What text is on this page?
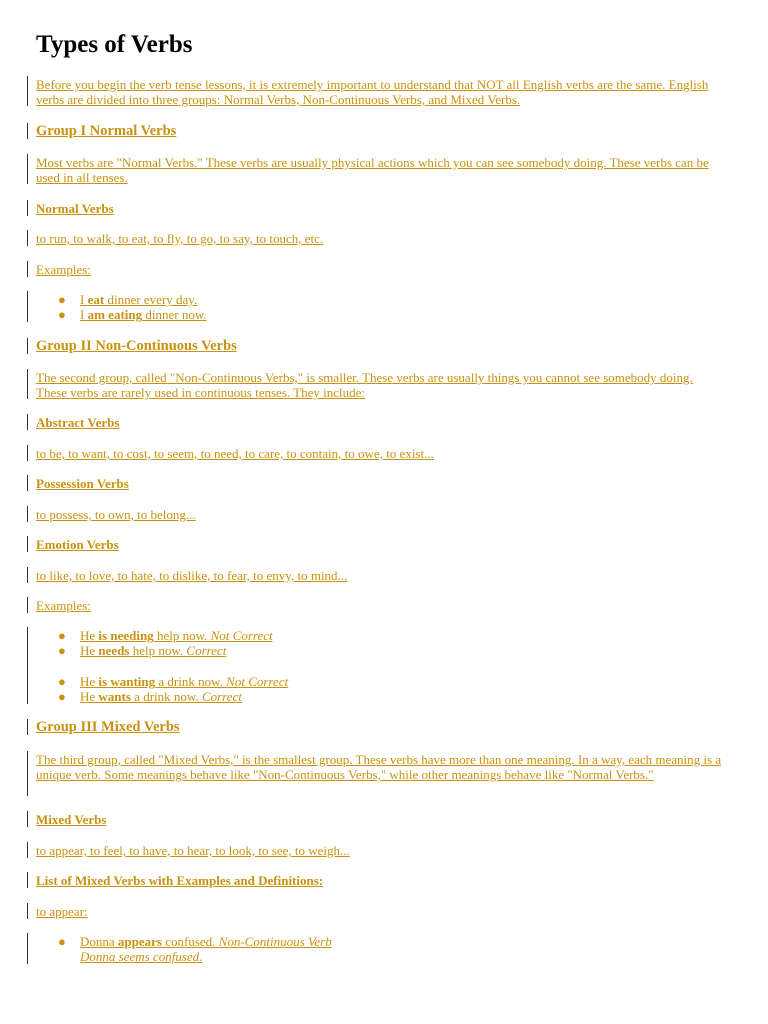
Types of Verbs
Before you begin the verb tense lessons, it is extremely important to understand that NOT all English verbs are the same. English verbs are divided into three groups: Normal Verbs, Non-Continuous Verbs, and Mixed Verbs.
Group I Normal Verbs
Most verbs are "Normal Verbs." These verbs are usually physical actions which you can see somebody doing. These verbs can be used in all tenses.
Normal Verbs
to run, to walk, to eat, to fly, to go, to say, to touch, etc.
Examples:
● I eat dinner every day.
● I am eating dinner now.
Group II Non-Continuous Verbs
The second group, called "Non-Continuous Verbs," is smaller. These verbs are usually things you cannot see somebody doing. These verbs are rarely used in continuous tenses. They include:
Abstract Verbs
to be, to want, to cost, to seem, to need, to care, to contain, to owe, to exist...
Possession Verbs
to possess, to own, to belong...
Emotion Verbs
to like, to love, to hate, to dislike, to fear, to envy, to mind...
Examples:
● He is needing help now. Not Correct
● He needs help now. Correct
● He is wanting a drink now. Not Correct
● He wants a drink now. Correct
Group III Mixed Verbs
The third group, called "Mixed Verbs," is the smallest group. These verbs have more than one meaning. In a way, each meaning is a unique verb. Some meanings behave like "Non-Continuous Verbs," while other meanings behave like "Normal Verbs."
Mixed Verbs
to appear, to feel, to have, to hear, to look, to see, to weigh...
List of Mixed Verbs with Examples and Definitions:
to appear:
● Donna appears confused. Non-Continuous Verb
Donna seems confused.
